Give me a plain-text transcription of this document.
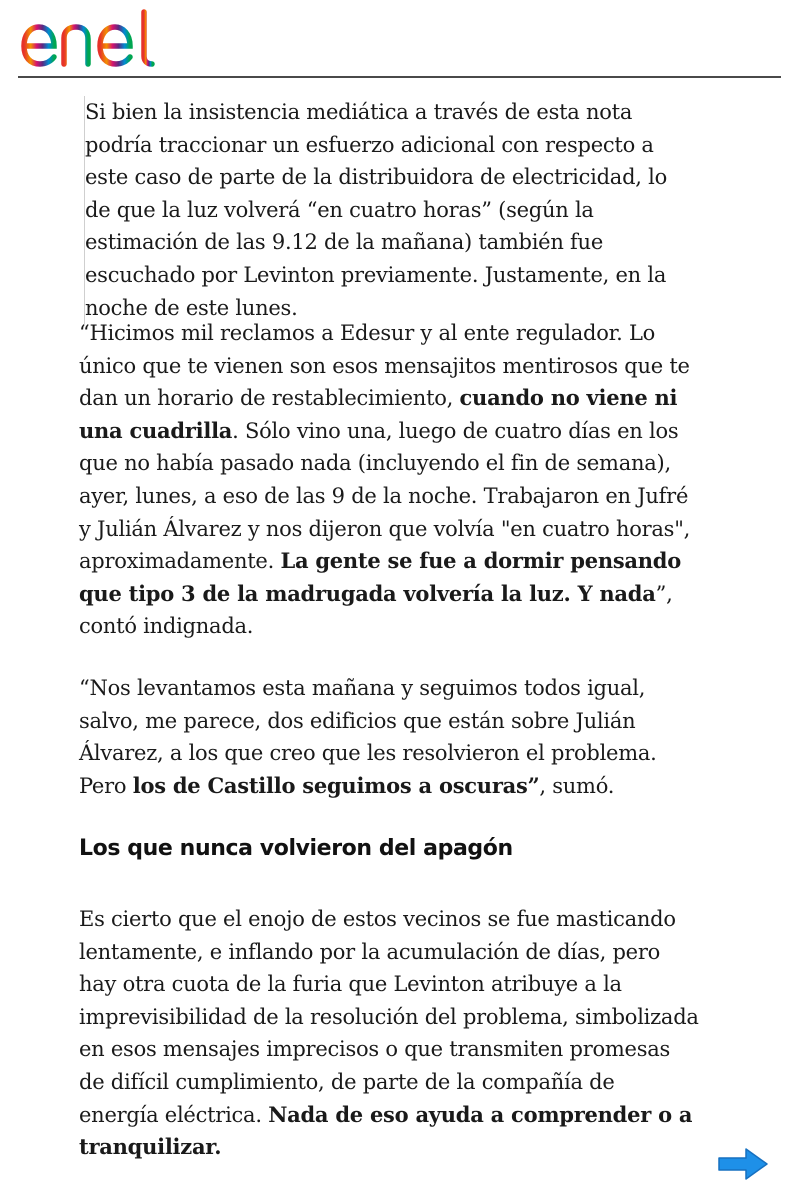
Si bien la insistencia mediática a través de esta nota podría traccionar un esfuerzo adicional con respecto a este caso de parte de la distribuidora de electricidad, lo de que la luz volverá “en cuatro horas” (según la estimación de las 9.12 de la mañana) también fue escuchado por Levinton previamente. Justamente, en la noche de este lunes.

“Hicimos mil reclamos a Edesur y al ente regulador. Lo único que te vienen son esos mensajitos mentirosos que te dan un horario de restablecimiento, cuando no viene ni una cuadrilla. Sólo vino una, luego de cuatro días en los que no había pasado nada (incluyendo el fin de semana), ayer, lunes, a eso de las 9 de la noche. Trabajaron en Jufré y Julián Álvarez y nos dijeron que volvía "en cuatro horas", aproximadamente. La gente se fue a dormir pensando que tipo 3 de la madrugada volvería la luz. Y nada”, contó indignada.

“Nos levantamos esta mañana y seguimos todos igual, salvo, me parece, dos edificios que están sobre Julián Álvarez, a los que creo que les resolvieron el problema. Pero los de Castillo seguimos a oscuras”, sumó.

Los que nunca volvieron del apagón

Es cierto que el enojo de estos vecinos se fue masticando lentamente, e inflando por la acumulación de días, pero hay otra cuota de la furia que Levinton atribuye a la imprevisibilidad de la resolución del problema, simbolizada en esos mensajes imprecisos o que transmiten promesas de difícil cumplimiento, de parte de la compañía de energía eléctrica. Nada de eso ayuda a comprender o a tranquilizar.
